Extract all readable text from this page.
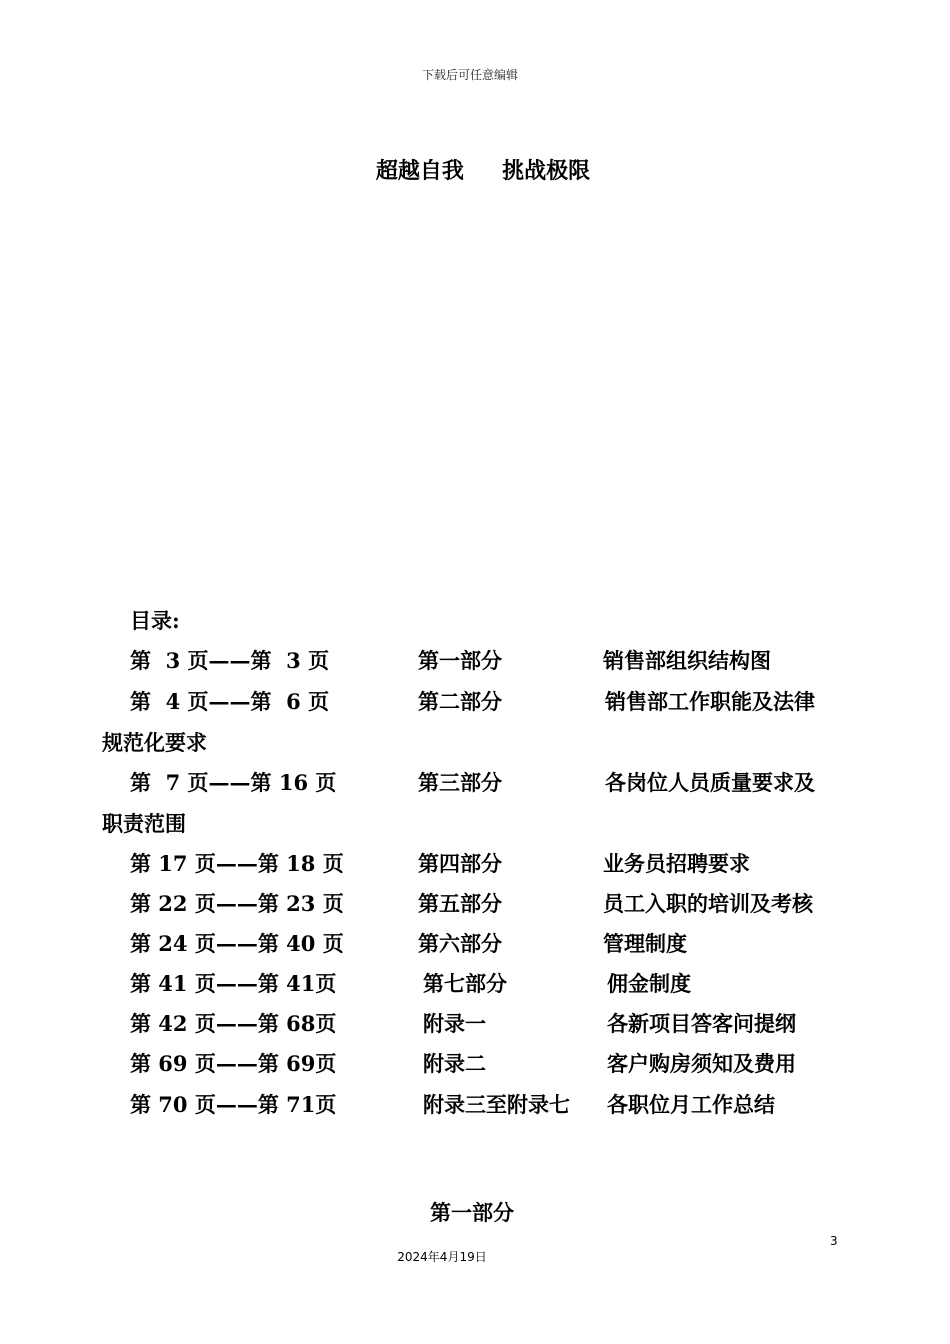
下载后可任意编辑
超越自我     挑战极限
目录:
第  3 页——第  3 页	第一部分	销售部组织结构图
第  4 页——第  6 页	第二部分	销售部工作职能及法律
规范化要求
第  7 页——第 16 页	第三部分	各岗位人员质量要求及
职责范围
第 17 页——第 18 页	第四部分	业务员招聘要求
第 22 页——第 23 页	第五部分	员工入职的培训及考核
第 24 页——第 40 页	第六部分	管理制度
第 41 页——第 41页	第七部分	佣金制度
第 42 页——第 68页	附录一	各新项目答客问提纲
第 69 页——第 69页	附录二	客户购房须知及费用
第 70 页——第 71页	附录三至附录七 各职位月工作总结
第一部分
3
2024年4月19日
